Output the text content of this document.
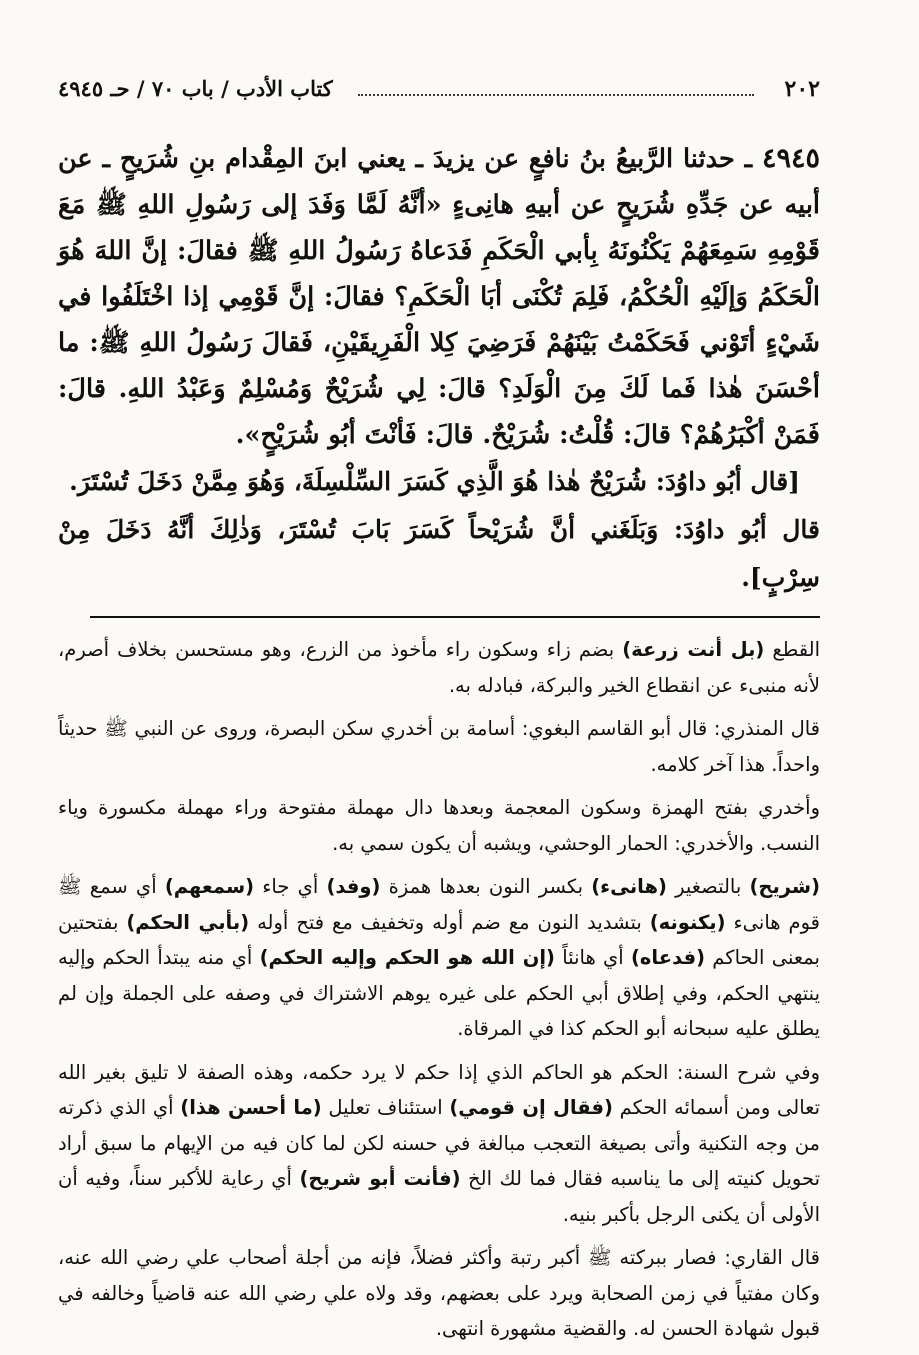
٢٠٢
كتاب الأدب / باب ٧٠ / حـ ٤٩٤٥

٤٩٤٥ ـ حدثنا الرَّبيعُ بنُ نافعٍ عن يزيدَ ـ يعني ابنَ المِقْدام بنِ شُرَيحٍ ـ عن أبيه عن جَدِّهِ شُرَيحٍ عن أبيهِ هانِىءٍ «أنَّهُ لَمَّا وَفَدَ إلى رَسُولِ اللهِ ﷺ مَعَ قَوْمِهِ سَمِعَهُمْ يَكْنُونَهُ بِأبي الْحَكَمِ فَدَعاهُ رَسُولُ اللهِ ﷺ فقالَ: إنَّ اللهَ هُوَ الْحَكَمُ وَإلَيْهِ الْحُكْمُ، فَلِمَ تُكْنَى أبَا الْحَكَمِ؟ فقالَ: إنَّ قَوْمِي إذا اخْتَلَفُوا في شَيْءٍ أتَوْني فَحَكَمْتُ بَيْنَهُمْ فَرَضِيَ كِلا الْفَرِيقَيْنِ، فَقالَ رَسُولُ اللهِ ﷺ: ما أحْسَنَ هٰذا فَما لَكَ مِنَ الْوَلَدِ؟ قالَ: لِي شُرَيْحٌ وَمُسْلِمٌ وَعَبْدُ اللهِ. قالَ: فَمَنْ أكْبَرُهُمْ؟ قالَ: قُلْتُ: شُرَيْحٌ. قالَ: فَأنْتَ أبُو شُرَيْحٍ».

[قال أبُو داوُدَ: شُرَيْحٌ هٰذا هُوَ الَّذِي كَسَرَ السِّلْسِلَةَ، وَهُوَ مِمَّنْ دَخَلَ تُسْتَرَ.

قال أبُو داوُدَ: وَبَلَغَني أنَّ شُرَيْحاً كَسَرَ بَابَ تُسْتَرَ، وَذٰلِكَ أنَّهُ دَخَلَ مِنْ سِرْبٍ].

القطع (بل أنت زرعة) بضم زاء وسكون راء مأخوذ من الزرع، وهو مستحسن بخلاف أصرم، لأنه منبىء عن انقطاع الخير والبركة، فبادله به.

قال المنذري: قال أبو القاسم البغوي: أسامة بن أخدري سكن البصرة، وروى عن النبي ﷺ حديثاً واحداً. هذا آخر كلامه.

وأخدري بفتح الهمزة وسكون المعجمة وبعدها دال مهملة مفتوحة وراء مهملة مكسورة وياء النسب. والأخدري: الحمار الوحشي، ويشبه أن يكون سمي به.

(شريح) بالتصغير (هانىء) بكسر النون بعدها همزة (وفد) أي جاء (سمعهم) أي سمع ﷺ قوم هانىء (يكنونه) بتشديد النون مع ضم أوله وتخفيف مع فتح أوله (بأبي الحكم) بفتحتين بمعنى الحاكم (فدعاه) أي هانئاً (إن الله هو الحكم وإليه الحكم) أي منه يبتدأ الحكم وإليه ينتهي الحكم، وفي إطلاق أبي الحكم على غيره يوهم الاشتراك في وصفه على الجملة وإن لم يطلق عليه سبحانه أبو الحكم كذا في المرقاة.

وفي شرح السنة: الحكم هو الحاكم الذي إذا حكم لا يرد حكمه، وهذه الصفة لا تليق بغير الله تعالى ومن أسمائه الحكم (فقال إن قومي) استئناف تعليل (ما أحسن هذا) أي الذي ذكرته من وجه التكنية وأتى بصيغة التعجب مبالغة في حسنه لكن لما كان فيه من الإيهام ما سبق أراد تحويل كنيته إلى ما يناسبه فقال فما لك الخ (فأنت أبو شريح) أي رعاية للأكبر سناً، وفيه أن الأولى أن يكنى الرجل بأكبر بنيه.

قال القاري: فصار ببركته ﷺ أكبر رتبة وأكثر فضلاً، فإنه من أجلة أصحاب علي رضي الله عنه، وكان مفتياً في زمن الصحابة ويرد على بعضهم، وقد ولاه علي رضي الله عنه قاضياً وخالفه في قبول شهادة الحسن له. والقضية مشهورة انتهى.
